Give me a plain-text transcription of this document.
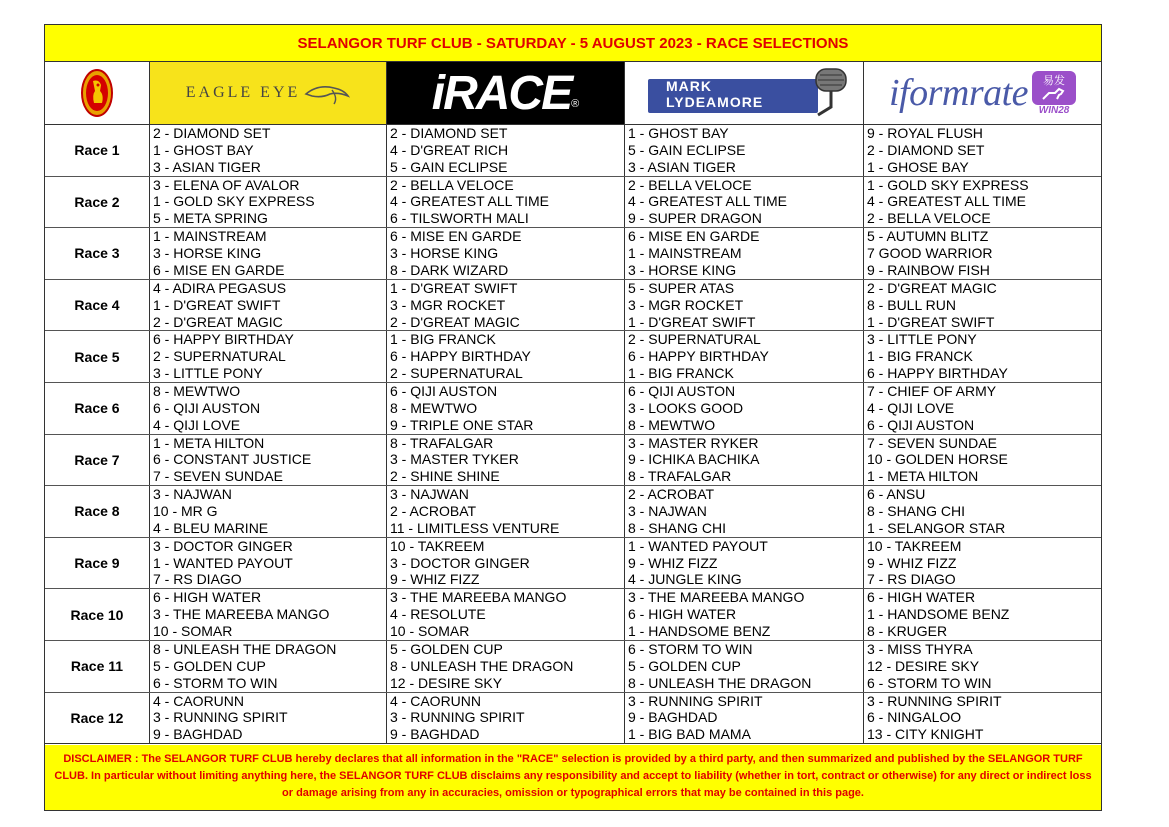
SELANGOR TURF CLUB - SATURDAY - 5 AUGUST 2023 - RACE SELECTIONS
EAGLE EYE	iRACE ®
MARK
LYDEAMORE	iformrate 易发
WIN28
Race 1
2 - DIAMOND SET
1 - GHOST BAY
3 - ASIAN TIGER
2 - DIAMOND SET
4 - D'GREAT RICH
5 - GAIN ECLIPSE
1 - GHOST BAY
5 - GAIN ECLIPSE
3 - ASIAN TIGER
9 - ROYAL FLUSH
2 - DIAMOND SET
1 - GHOSE BAY
Race 2
3 - ELENA OF AVALOR
1 - GOLD SKY EXPRESS
5 - META SPRING
2 - BELLA VELOCE
4 - GREATEST ALL TIME
6 - TILSWORTH MALI
2 - BELLA VELOCE
4 - GREATEST ALL TIME
9 - SUPER DRAGON
1 - GOLD SKY EXPRESS
4 - GREATEST ALL TIME
2 - BELLA VELOCE
Race 3
1 - MAINSTREAM
3 - HORSE KING
6 - MISE EN GARDE
6 - MISE EN GARDE
3 - HORSE KING
8 - DARK WIZARD
6 - MISE EN GARDE
1 - MAINSTREAM
3 - HORSE KING
5 - AUTUMN BLITZ
7 GOOD WARRIOR
9 - RAINBOW FISH
Race 4
4 - ADIRA PEGASUS
1 - D'GREAT SWIFT
2 - D'GREAT MAGIC
1 - D'GREAT SWIFT
3 - MGR ROCKET
2 - D'GREAT MAGIC
5 - SUPER ATAS
3 - MGR ROCKET
1 - D'GREAT SWIFT
2 - D'GREAT MAGIC
8 - BULL RUN
1 - D'GREAT SWIFT
Race 5
6 - HAPPY BIRTHDAY
2 - SUPERNATURAL
3 - LITTLE PONY
1 - BIG FRANCK
6 - HAPPY BIRTHDAY
2 - SUPERNATURAL
2 - SUPERNATURAL
6 - HAPPY BIRTHDAY
1 - BIG FRANCK
3 - LITTLE PONY
1 - BIG FRANCK
6 - HAPPY BIRTHDAY
Race 6
8 - MEWTWO
6 - QIJI AUSTON
4 - QIJI LOVE
6 - QIJI AUSTON
8 - MEWTWO
9 - TRIPLE ONE STAR
6 - QIJI AUSTON
3 - LOOKS GOOD
8 - MEWTWO
7 - CHIEF OF ARMY
4 - QIJI LOVE
6 - QIJI AUSTON
Race 7
1 - META HILTON
6 - CONSTANT JUSTICE
7 - SEVEN SUNDAE
8 - TRAFALGAR
3 - MASTER TYKER
2 - SHINE SHINE
3 - MASTER RYKER
9 - ICHIKA BACHIKA
8 - TRAFALGAR
7 - SEVEN SUNDAE
10 - GOLDEN HORSE
1 - META HILTON
Race 8
3 - NAJWAN
10 - MR G
4 - BLEU MARINE
3 - NAJWAN
2 - ACROBAT
11 - LIMITLESS VENTURE
2 - ACROBAT
3 - NAJWAN
8 - SHANG CHI
6 - ANSU
8 - SHANG CHI
1 - SELANGOR STAR
Race 9
3 - DOCTOR GINGER
1 - WANTED PAYOUT
7 - RS DIAGO
10 - TAKREEM
3 - DOCTOR GINGER
9 - WHIZ FIZZ
1 - WANTED PAYOUT
9 - WHIZ FIZZ
4 - JUNGLE KING
10 - TAKREEM
9 - WHIZ FIZZ
7 - RS DIAGO
Race 10
6 - HIGH WATER
3 - THE MAREEBA MANGO
10 - SOMAR
3 - THE MAREEBA MANGO
4 - RESOLUTE
10 - SOMAR
3 - THE MAREEBA MANGO
6 - HIGH WATER
1 - HANDSOME BENZ
6 - HIGH WATER
1 - HANDSOME BENZ
8 - KRUGER
Race 11
8 - UNLEASH THE DRAGON
5 - GOLDEN CUP
6 - STORM TO WIN
5 - GOLDEN CUP
8 - UNLEASH THE DRAGON
12 - DESIRE SKY
6 - STORM TO WIN
5 - GOLDEN CUP
8 - UNLEASH THE DRAGON
3 - MISS THYRA
12 - DESIRE SKY
6 - STORM TO WIN
Race 12
4 - CAORUNN
3 - RUNNING SPIRIT
9 - BAGHDAD
4 - CAORUNN
3 - RUNNING SPIRIT
9 - BAGHDAD
3 - RUNNING SPIRIT
9 - BAGHDAD
1 - BIG BAD MAMA
3 - RUNNING SPIRIT
6 - NINGALOO
13 - CITY KNIGHT
DISCLAIMER : The SELANGOR TURF CLUB hereby declares that all information in the "RACE" selection is provided by a third party, and then summarized and published by the SELANGOR TURF CLUB. In particular without limiting anything here, the SELANGOR TURF CLUB disclaims any responsibility and accept to liability (whether in tort, contract or otherwise) for any direct or indirect loss or damage arising from any in accuracies, omission or typographical errors that may be contained in this page.
